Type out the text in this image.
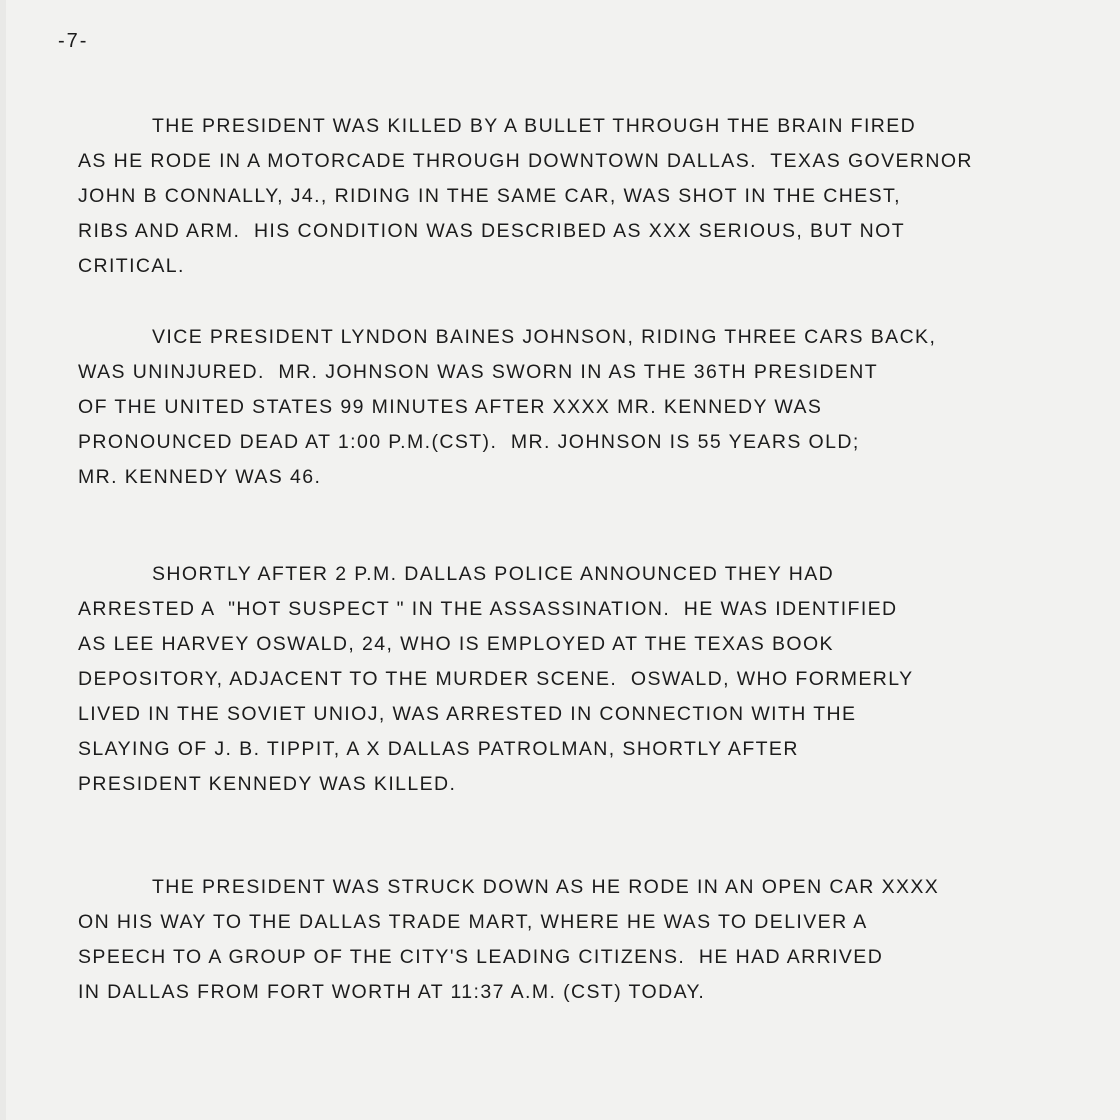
-7-
THE PRESIDENT WAS KILLED BY A BULLET THROUGH THE BRAIN FIRED
AS HE RODE IN A MOTORCADE THROUGH DOWNTOWN DALLAS.  TEXAS GOVERNOR
JOHN B CONNALLY, J4., RIDING IN THE SAME CAR, WAS SHOT IN THE CHEST,
RIBS AND ARM.  HIS CONDITION WAS DESCRIBED AS XXX SERIOUS, BUT NOT
CRITICAL.
VICE PRESIDENT LYNDON BAINES JOHNSON, RIDING THREE CARS BACK,
WAS UNINJURED.  MR. JOHNSON WAS SWORN IN AS THE 36TH PRESIDENT
OF THE UNITED STATES 99 MINUTES AFTER XXXX MR. KENNEDY WAS
PRONOUNCED DEAD AT 1:00 P.M.(CST).  MR. JOHNSON IS 55 YEARS OLD;
MR. KENNEDY WAS 46.
SHORTLY AFTER 2 P.M. DALLAS POLICE ANNOUNCED THEY HAD
ARRESTED A  "HOT SUSPECT " IN THE ASSASSINATION.  HE WAS IDENTIFIED
AS LEE HARVEY OSWALD, 24, WHO IS EMPLOYED AT THE TEXAS BOOK
DEPOSITORY, ADJACENT TO THE MURDER SCENE.  OSWALD, WHO FORMERLY
LIVED IN THE SOVIET UNIOJ, WAS ARRESTED IN CONNECTION WITH THE
SLAYING OF J. B. TIPPIT, A X DALLAS PATROLMAN, SHORTLY AFTER
PRESIDENT KENNEDY WAS KILLED.
THE PRESIDENT WAS STRUCK DOWN AS HE RODE IN AN OPEN CAR XXXX
ON HIS WAY TO THE DALLAS TRADE MART, WHERE HE WAS TO DELIVER A
SPEECH TO A GROUP OF THE CITY'S LEADING CITIZENS.  HE HAD ARRIVED
IN DALLAS FROM FORT WORTH AT 11:37 A.M. (CST) TODAY.
